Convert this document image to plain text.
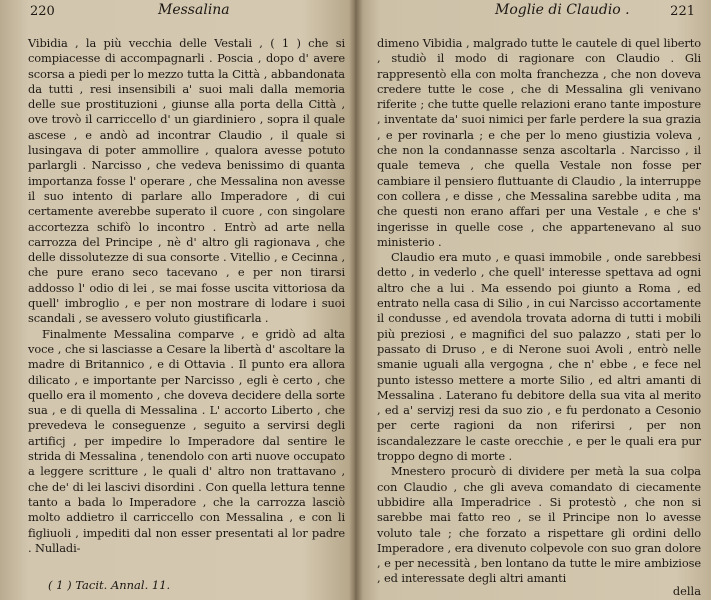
220	Messalina

Vibidia , la più vecchia delle Vestali , ( 1 ) che si compiacesse di accompagnarli . Poscia , dopo d' avere scorsa a piedi per lo mezzo tutta la Città , abbandonata da tutti , resi insensibili a' suoi mali dalla memoria delle sue prostituzioni , giunse alla porta della Città , ove trovò il carriccello d' un giardiniero , sopra il quale ascese , e andò ad incontrar Claudio , il quale si lusingava di poter ammollire , qualora avesse potuto parlargli . Narcisso , che vedeva benissimo di quanta importanza fosse l' operare , che Messalina non avesse il suo intento di parlare allo Imperadore , di cui certamente averebbe superato il cuore , con singolare accortezza schifò lo incontro . Entrò ad arte nella carrozza del Principe , nè d' altro gli ragionava , che delle dissolutezze di sua consorte . Vitellio , e Cecinna , che pure erano seco tacevano , e per non tirarsi addosso l' odio di lei , se mai fosse uscita vittoriosa da quell' imbroglio , e per non mostrare di lodare i suoi scandali , se avessero voluto giustificarla .

Finalmente Messalina comparve , e gridò ad alta voce , che si lasciasse a Cesare la libertà d' ascoltare la madre di Britannico , e di Ottavia . Il punto era allora dilicato , e importante per Narcisso , egli è certo , che quello era il momento , che doveva decidere della sorte sua , e di quella di Messalina . L' accorto Liberto , che prevedeva le conseguenze , seguito a servirsi degli artificj , per impedire lo Imperadore dal sentire le strida di Messalina , tenendolo con arti nuove occupato a leggere scritture , le quali d' altro non trattavano , che de' di lei lascivi disordini . Con quella lettura tenne tanto a bada lo Imperadore , che la carrozza lasciò molto addietro il carriccello con Messalina , e con li figliuoli , impediti dal non esser presentati al lor padre . Nulladi-

( 1 ) Tacit. Annal. 11.
Moglie di Claudio .	221

dimeno Vibidia , malgrado tutte le cautele di quel liberto , studiò il modo di ragionare con Claudio . Gli rappresentò ella con molta franchezza , che non doveva credere tutte le cose , che di Messalina gli venivano riferite ; che tutte quelle relazioni erano tante imposture , inventate da' suoi nimici per farle perdere la sua grazia , e per rovinarla ; e che per lo meno giustizia voleva , che non la condannasse senza ascoltarla . Narcisso , il quale temeva , che quella Vestale non fosse per cambiare il pensiero fluttuante di Claudio , la interruppe con collera , e disse , che Messalina sarebbe udita , ma che questi non erano affari per una Vestale , e che s' ingerisse in quelle cose , che appartenevano al suo ministerio .

Claudio era muto , e quasi immobile , onde sarebbesi detto , in vederlo , che quell' interesse spettava ad ogni altro che a lui . Ma essendo poi giunto a Roma , ed entrato nella casa di Silio , in cui Narcisso accortamente il condusse , ed avendola trovata adorna di tutti i mobili più preziosi , e magnifici del suo palazzo , stati per lo passato di Druso , e di Nerone suoi Avoli , entrò nelle smanie uguali alla vergogna , che n' ebbe , e fece nel punto istesso mettere a morte Silio , ed altri amanti di Messalina . Laterano fu debitore della sua vita al merito , ed a' servizj resi da suo zio , e fu perdonato a Cesonio per certe ragioni da non riferirsi , per non iscandalezzare le caste orecchie , e per le quali era pur troppo degno di morte .

Mnestero procurò di dividere per metà la sua colpa con Claudio , che gli aveva comandato di ciecamente ubbidire alla Imperadrice . Si protestò , che non si sarebbe mai fatto reo , se il Principe non lo avesse voluto tale ; che forzato a rispettare gli ordini dello Imperadore , era divenuto colpevole con suo gran dolore , e per necessità , ben lontano da tutte le mire ambiziose , ed interessate degli altri amanti

della
